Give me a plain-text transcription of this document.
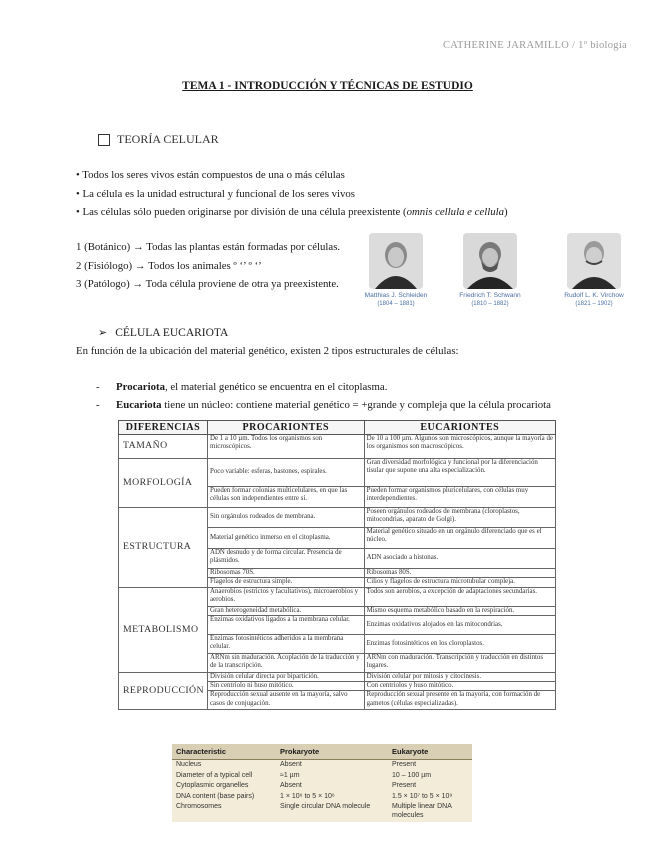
CATHERINE JARAMILLO / 1º biología
TEMA 1 - INTRODUCCIÓN Y TÉCNICAS DE ESTUDIO
TEORÍA CELULAR
• Todos los seres vivos están compuestos de una o más células
• La célula es la unidad estructural y funcional de los seres vivos
• Las células sólo pueden originarse por división de una célula preexistente (omnis cellula e cellula)
1 (Botánico) → Todas las plantas están formadas por células.
2 (Fisiólogo) → Todos los animales º ‘’ º ‘’
3 (Patólogo) → Toda célula proviene de otra ya preexistente.
Matthias J. Schleiden
(1804 – 1881)
Friedrich T. Schwann
(1810 – 1882)
Rudolf L. K. Virchow
(1821 – 1902)
➢ CÉLULA EUCARIOTA
En función de la ubicación del material genético, existen 2 tipos estructurales de células:
- Procariota, el material genético se encuentra en el citoplasma.
- Eucariota tiene un núcleo: contiene material genético = +grande y compleja que la célula procariota
DIFERENCIAS	PROCARIONTES	EUCARIONTES
TAMAÑO	De 1 a 10 µm. Todos los organismos son microscópicos.	De 10 a 100 µm. Algunos son microscópicos, aunque la mayoría de los organismos son macroscópicos.
MORFOLOGÍA	Poco variable: esferas, bastones, espirales.	Gran diversidad morfológica y funcional por la diferenciación tisular que supone una alta especialización.
	Pueden formar colonias multicelulares, en que las células son independientes entre sí.	Pueden formar organismos pluricelulares, con células muy interdependientes.
ESTRUCTURA	Sin orgánulos rodeados de membrana.	Poseen orgánulos rodeados de membrana (cloroplastos, mitocondrias, aparato de Golgi).
	Material genético inmerso en el citoplasma.	Material genético situado en un orgánulo diferenciado que es el núcleo.
	ADN desnudo y de forma circular. Presencia de plásmidos.	ADN asociado a histonas.
	Ribosomas 70S.	Ribosomas 80S.
	Flagelos de estructura simple.	Cilios y flagelos de estructura microtubular compleja.
METABOLISMO	Anaerobios (estrictos y facultativos), microaerobios y aerobios.	Todos son aerobios, a excepción de adaptaciones secundarias.
	Gran heterogeneidad metabólica.	Mismo esquema metabólico basado en la respiración.
	Enzimas oxidativos ligados a la membrana celular.	Enzimas oxidativos alojados en las mitocondrias.
	Enzimas fotosintéticos adheridos a la membrana celular.	Enzimas fotosintéticos en los cloroplastos.
	ARNm sin maduración. Acoplación de la traducción y de la transcripción.	ARNm con maduración. Transcripción y traducción en distintos lugares.
REPRODUCCIÓN	División celular directa por bipartición.	División celular por mitosis y citocinesis.
	Sin centriolo ni huso mitótico.	Con centriolos y huso mitótico.
	Reproducción sexual ausente en la mayoría, salvo casos de conjugación.	Reproducción sexual presente en la mayoría, con formación de gametos (células especializadas).
Characteristic	Prokaryote	Eukaryote
Nucleus	Absent	Present
Diameter of a typical cell	≈1 µm	10 – 100 µm
Cytoplasmic organelles	Absent	Present
DNA content (base pairs)	1 × 10⁶ to 5 × 10⁶	1.5 × 10⁷ to 5 × 10⁹
Chromosomes	Single circular DNA molecule	Multiple linear DNA molecules
